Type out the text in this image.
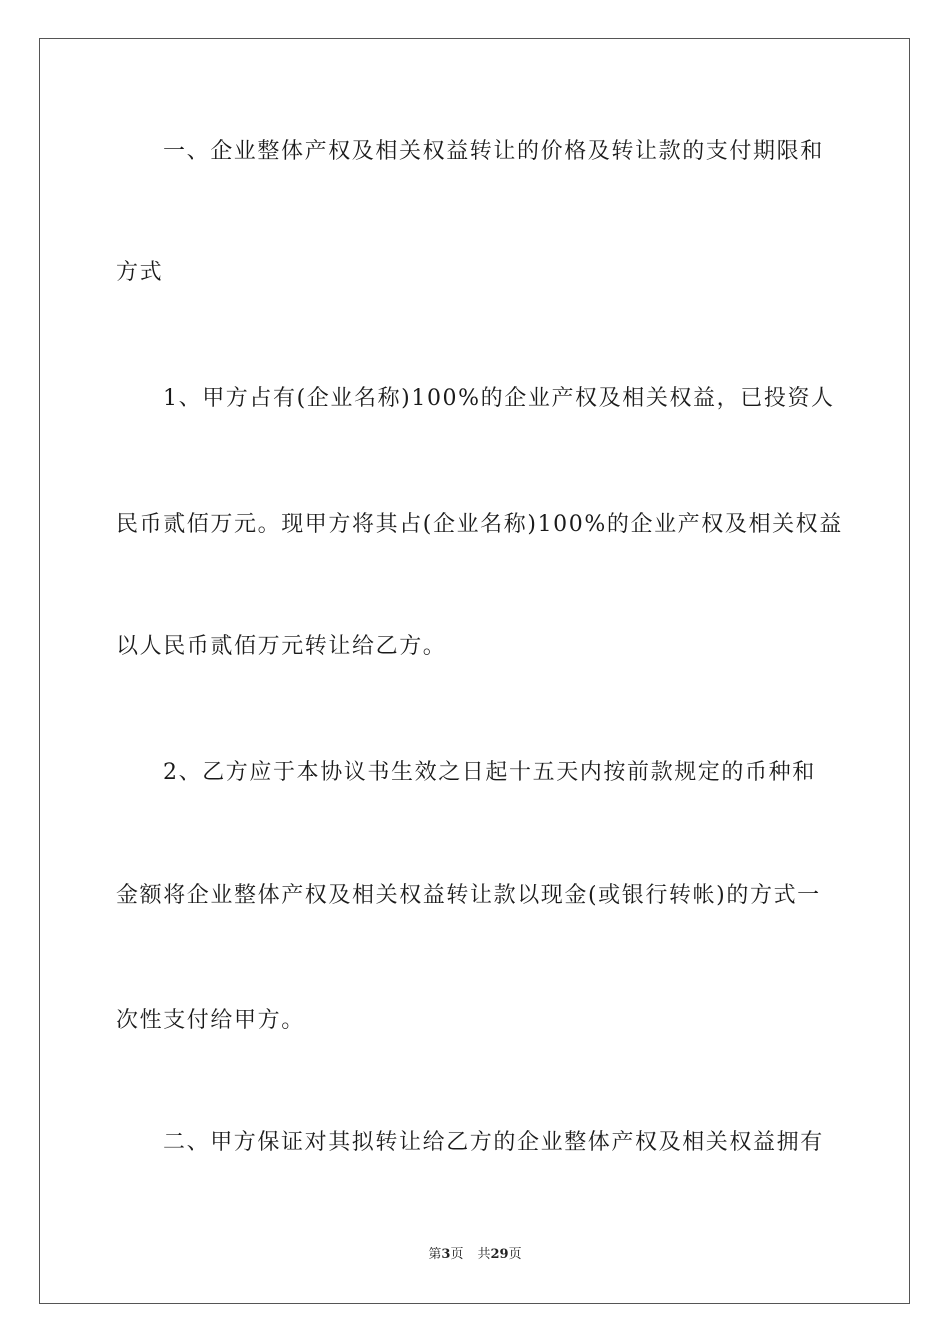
一、企业整体产权及相关权益转让的价格及转让款的支付期限和
方式
1、甲方占有(企业名称)100%的企业产权及相关权益，已投资人
民币贰佰万元。现甲方将其占(企业名称)100%的企业产权及相关权益
以人民币贰佰万元转让给乙方。
2、乙方应于本协议书生效之日起十五天内按前款规定的币种和
金额将企业整体产权及相关权益转让款以现金(或银行转帐)的方式一
次性支付给甲方。
二、甲方保证对其拟转让给乙方的企业整体产权及相关权益拥有
第3页 共29页
